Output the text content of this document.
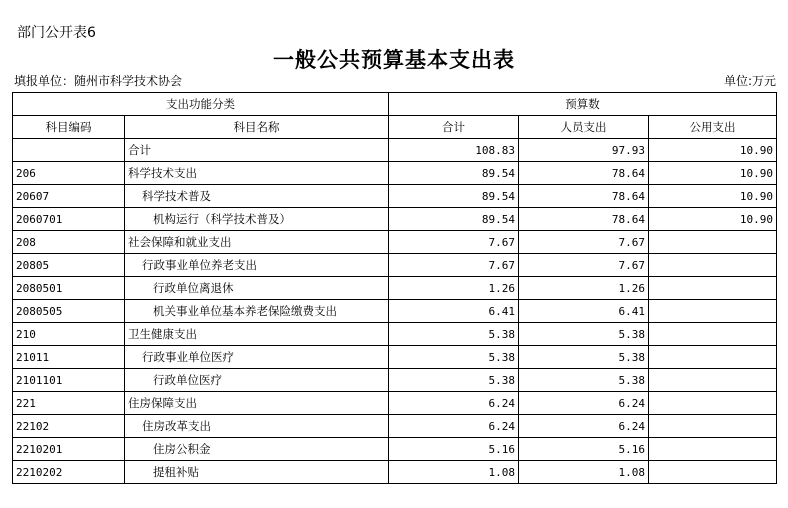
部门公开表6
一般公共预算基本支出表
填报单位：随州市科学技术协会	单位:万元
支出功能分类		预算数		
科目编码	科目名称	合计	人员支出	公用支出
	合计	108.83	97.93	10.90
206	科学技术支出	89.54	78.64	10.90
20607	科学技术普及	89.54	78.64	10.90
2060701	机构运行（科学技术普及）	89.54	78.64	10.90
208	社会保障和就业支出	7.67	7.67	
20805	行政事业单位养老支出	7.67	7.67	
2080501	行政单位离退休	1.26	1.26	
2080505	机关事业单位基本养老保险缴费支出	6.41	6.41	
210	卫生健康支出	5.38	5.38	
21011	行政事业单位医疗	5.38	5.38	
2101101	行政单位医疗	5.38	5.38	
221	住房保障支出	6.24	6.24	
22102	住房改革支出	6.24	6.24	
2210201	住房公积金	5.16	5.16	
2210202	提租补贴	1.08	1.08	
